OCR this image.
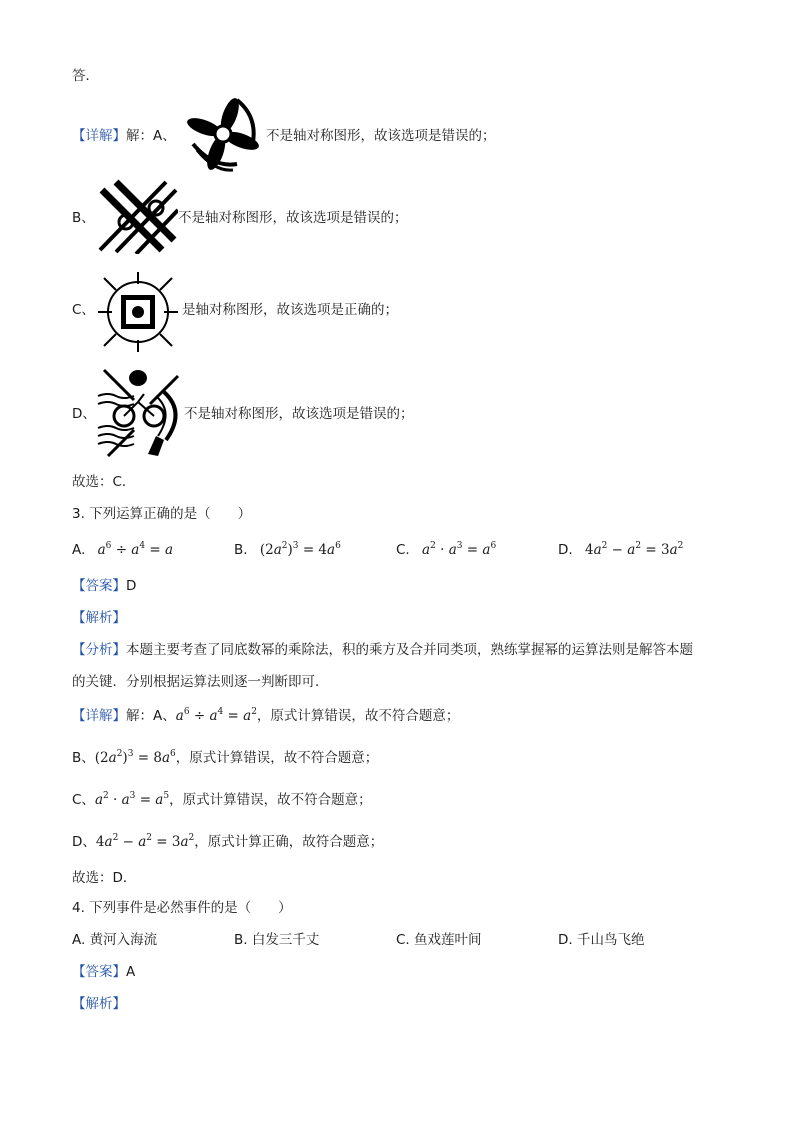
答．
【详解】解：A、	不是轴对称图形，故该选项是错误的；
B、	不是轴对称图形，故该选项是错误的；
C、	是轴对称图形，故该选项是正确的；
D、	不是轴对称图形，故该选项是错误的；
故选：C．
3. 下列运算正确的是（　　）
A. $a^6 \div a^4 = a$	B. $(2a^2)^3 = 4a^6$	C. $a^2 \cdot a^3 = a^6$	D. $4a^2 - a^2 = 3a^2$
【答案】D
【解析】
【分析】本题主要考查了同底数幂的乘除法，积的乘方及合并同类项，熟练掌握幂的运算法则是解答本题
的关键．分别根据运算法则逐一判断即可．
【详解】解：A、$a^6 \div a^4 = a^2$，原式计算错误，故不符合题意；
B、$(2a^2)^3 = 8a^6$，原式计算错误，故不符合题意；
C、$a^2 \cdot a^3 = a^5$，原式计算错误，故不符合题意；
D、$4a^2 - a^2 = 3a^2$，原式计算正确，故符合题意；
故选：D．
4. 下列事件是必然事件的是（　　）
A. 黄河入海流	B. 白发三千丈	C. 鱼戏莲叶间	D. 千山鸟飞绝
【答案】A
【解析】
